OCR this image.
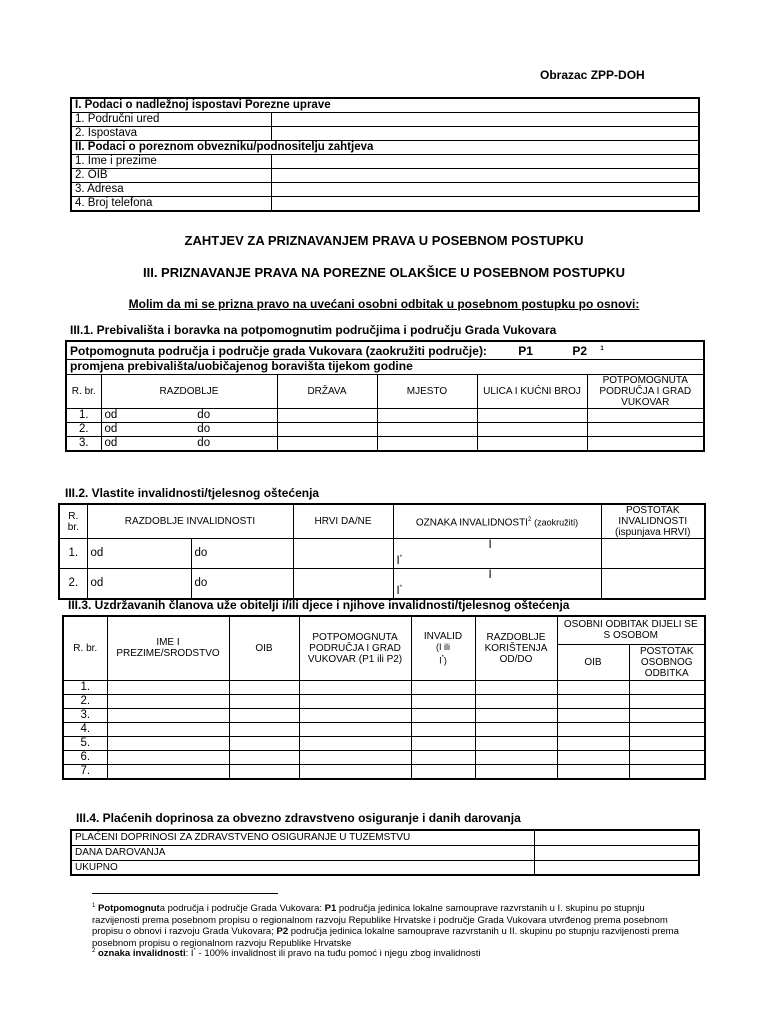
Obrazac ZPP-DOH
I. Podaci o nadležnoj ispostavi Porezne uprave	
1. Područni ured	
2. Ispostava	
II. Podaci o poreznom obvezniku/podnositelju zahtjeva	
1. Ime i prezime	
2. OIB	
3. Adresa	
4. Broj telefona	
ZAHTJEV ZA PRIZNAVANJEM PRAVA U POSEBNOM POSTUPKU
III. PRIZNAVANJE PRAVA NA POREZNE OLAKŠICE U POSEBNOM POSTUPKU
Molim da mi se prizna pravo na uvećani osobni odbitak u posebnom postupku po osnovi:
III.1. Prebivališta i boravka na potpomognutim područjima i području Grada Vukovara
Potpomognuta područja i područje grada Vukovara (zaokružiti područje): P1 P2 $^1$
promjena prebivališta/uobičajenog boravišta tijekom godine					
R. br.	RAZDOBLJE	DRŽAVA	MJESTO	ULICA I KUĆNI BROJ	POTPOMOGNUTA PODRUČJA I GRAD VUKOVAR
1.	od do				
2.	od do				
3.	od do				
III.2. Vlastite invalidnosti/tjelesnog oštećenja
R. br.	RAZDOBLJE INVALIDNOSTI		HRVI DA/NE	OZNAKA INVALIDNOSTI$^2$ (zaokružiti)	POSTOTAK INVALIDNOSTI (ispunjava HRVI)
1.	od	do		II*	
2.	od	do		II*	
III.3. Uzdržavanih članova uže obitelji i/ili djece i njihove invalidnosti/tjelesnog oštećenja
R. br.	IME I PREZIME/SRODSTVO	OIB	POTPOMOGNUTA PODRUČJA I GRAD VUKOVAR (P1 ili P2)	INVALID
(I ili
I*)	RAZDOBLJE KORIŠTENJA OD/DO	OSOBNI ODBITAK DIJELI SE S OSOBOM	
						OIB	POSTOTAK OSOBNOG ODBITKA
1.							
2.							
3.							
4.							
5.							
6.							
7.							
III.4. Plaćenih doprinosa za obvezno zdravstveno osiguranje i danih darovanja
PLAĆENI DOPRINOSI ZA ZDRAVSTVENO OSIGURANJE U TUZEMSTVU	
DANA DAROVANJA	
UKUPNO	
$^1$ Potpomognuta područja i područje Grada Vukovara: P1 područja jedinica lokalne samouprave razvrstanih u I. skupinu po stupnju razvijenosti prema posebnom propisu o regionalnom razvoju Republike Hrvatske i područje Grada Vukovara utvrđenog prema posebnom propisu o obnovi i razvoju Grada Vukovara; P2 područja jedinica lokalne samouprave razvrstanih u II. skupinu po stupnju razvijenosti prema posebnom propisu o regionalnom razvoju Republike Hrvatske
$^2$ oznaka invalidnosti: I* - 100% invalidnost ili pravo na tuđu pomoć i njegu zbog invalidnosti
